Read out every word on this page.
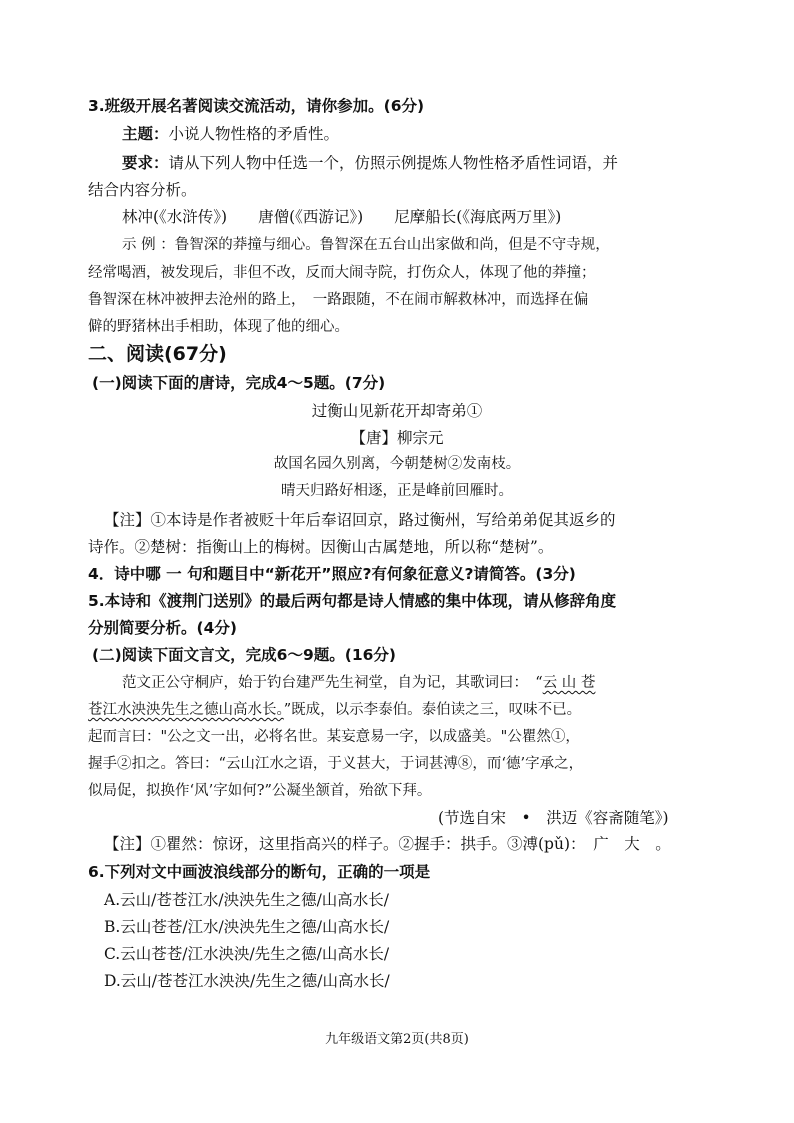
3.班级开展名著阅读交流活动，请你参加。(6分)
主题：小说人物性格的矛盾性。
要求：请从下列人物中任选一个，仿照示例提炼人物性格矛盾性词语，并
结合内容分析。
林冲(《水浒传》)　　唐僧(《西游记》)　　尼摩船长(《海底两万里》)
示 例 ：鲁智深的莽撞与细心。鲁智深在五台山出家做和尚，但是不守寺规，
经常喝酒，被发现后，非但不改，反而大闹寺院，打伤众人，体现了他的莽撞；
鲁智深在林冲被押去沧州的路上，　一路跟随，不在闹市解救林冲，而选择在偏
僻的野猪林出手相助，体现了他的细心。
二、阅读(67分)
(一)阅读下面的唐诗，完成4～5题。(7分)
过衡山见新花开却寄弟①
【唐】柳宗元
故国名园久别离，今朝楚树②发南枝。
晴天归路好相逐，正是峰前回雁时。
【注】①本诗是作者被贬十年后奉诏回京，路过衡州，写给弟弟促其返乡的
诗作。②楚树：指衡山上的梅树。因衡山古属楚地，所以称“楚树”。
4．诗中哪 一 句和题目中“新花开”照应?有何象征意义?请简答。(3分)
5.本诗和《渡荆门送别》的最后两句都是诗人情感的集中体现，请从修辞角度
分别简要分析。(4分)
(二)阅读下面文言文，完成6～9题。(16分)
范文正公守桐庐，始于钓台建严先生祠堂，自为记，其歌词曰：　“云 山 苍
苍江水泱泱先生之德山高水长。”既成，以示李泰伯。泰伯读之三，叹味不已。
起而言曰："公之文一出，必将名世。某妄意易一字，以成盛美。"公瞿然①，
握手②扣之。答曰：“云山江水之语，于义甚大，于词甚溥⑧，而‘德’字承之，
似局促，拟换作‘风’字如何?”公凝坐颔首，殆欲下拜。
(节选自宋　•　洪迈《容斋随笔》)
【注】①瞿然：惊讶，这里指高兴的样子。②握手：拱手。③溥(pǔ)：　广　大　。
6.下列对文中画波浪线部分的断句，正确的一项是
A.云山/苍苍江水/泱泱先生之德/山高水长/
B.云山苍苍/江水/泱泱先生之德/山高水长/
C.云山苍苍/江水泱泱/先生之德/山高水长/
D.云山/苍苍江水泱泱/先生之德/山高水长/
九年级语文第2页(共8页)
